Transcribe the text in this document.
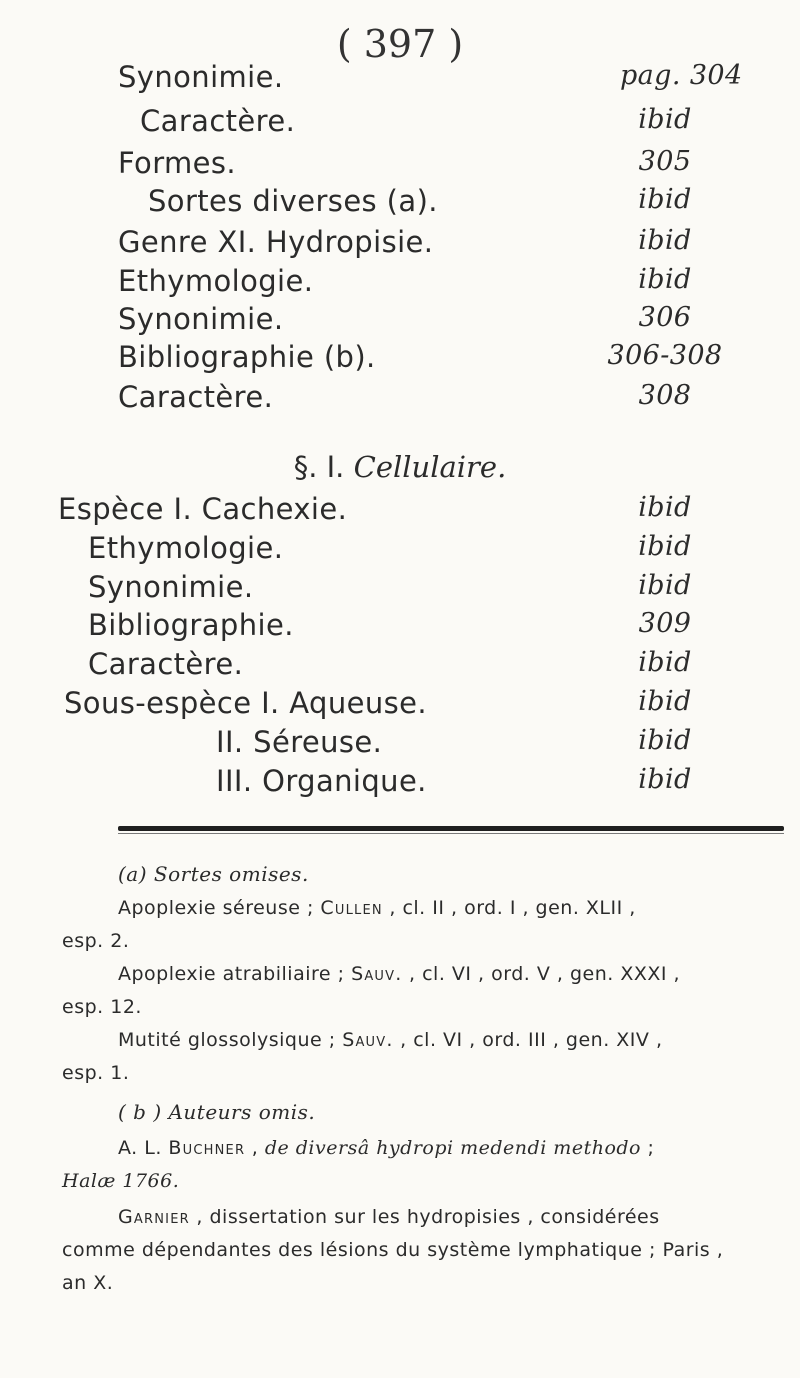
( 397 )
Synonimie.	pag. 304
Caractère.	ibid
Formes.	305
Sortes diverses (a).	ibid
Genre XI. Hydropisie.	ibid
Ethymologie.	ibid
Synonimie.	306
Bibliographie (b).	306-308
Caractère.	308
§. I. Cellulaire.
Espèce I. Cachexie.	ibid
Ethymologie.	ibid
Synonimie.	ibid
Bibliographie.	309
Caractère.	ibid
Sous-espèce I. Aqueuse.	ibid
II. Séreuse.	ibid
III. Organique.	ibid
(a) Sortes omises.
Apoplexie séreuse ; Cullen , cl. II , ord. I , gen. XLII ,
esp. 2.
Apoplexie atrabiliaire ; Sauv. , cl. VI , ord. V , gen. XXXI ,
esp. 12.
Mutité glossolysique ; Sauv. , cl. VI , ord. III , gen. XIV ,
esp. 1.
( b ) Auteurs omis.
A. L. Buchner , de diversâ hydropi medendi methodo ;
Halæ 1766.
Garnier , dissertation sur les hydropisies , considérées
comme dépendantes des lésions du système lymphatique ; Paris ,
an X.
